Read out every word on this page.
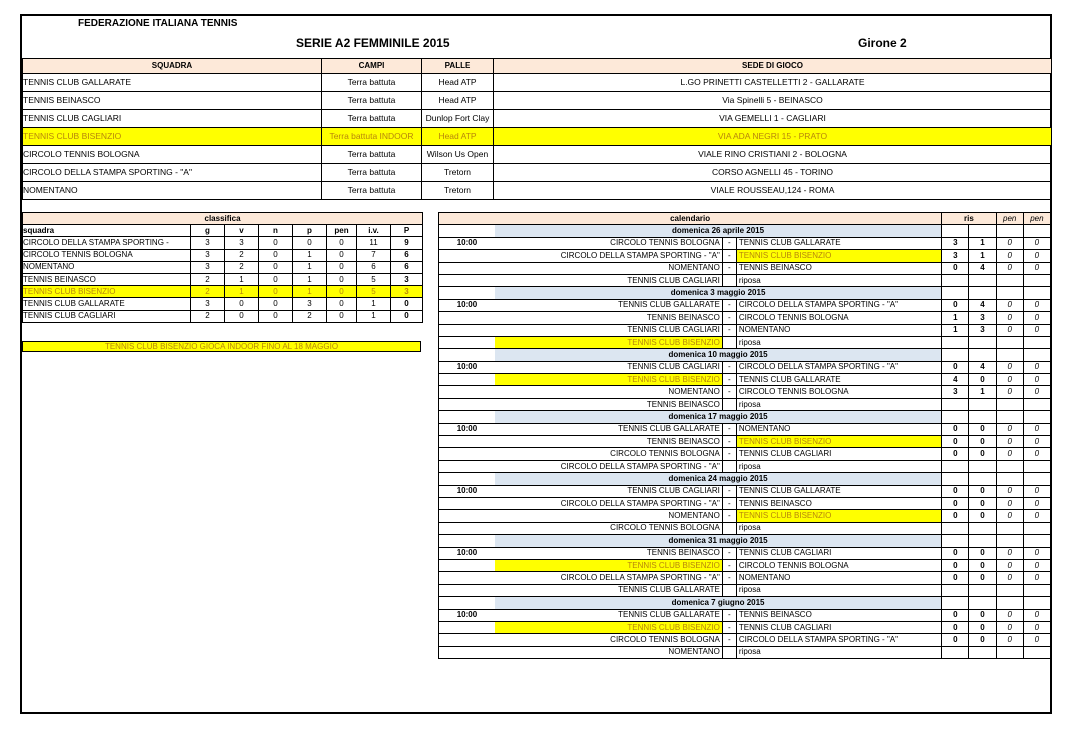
FEDERAZIONE ITALIANA TENNIS
SERIE A2 FEMMINILE 2015	Girone 2
SQUADRA	CAMPI	PALLE	SEDE DI GIOCO
TENNIS CLUB GALLARATE	Terra battuta	Head ATP	L.GO PRINETTI CASTELLETTI 2 - GALLARATE
TENNIS BEINASCO	Terra battuta	Head ATP	Via Spinelli 5 - BEINASCO
TENNIS CLUB CAGLIARI	Terra battuta	Dunlop Fort Clay	VIA GEMELLI 1 - CAGLIARI
TENNIS CLUB BISENZIO	Terra battuta INDOOR	Head ATP	VIA ADA NEGRI 15 - PRATO
CIRCOLO TENNIS BOLOGNA	Terra battuta	Wilson Us Open	VIALE RINO CRISTIANI 2 - BOLOGNA
CIRCOLO DELLA STAMPA SPORTING - "A"	Terra battuta	Tretorn	CORSO AGNELLI 45 - TORINO
NOMENTANO	Terra battuta	Tretorn	VIALE ROUSSEAU,124 - ROMA
classifica							
squadra	g	v	n	p	pen	i.v.	P
CIRCOLO DELLA STAMPA SPORTING -	3	3	0	0	0	11	9
CIRCOLO TENNIS BOLOGNA	3	2	0	1	0	7	6
NOMENTANO	3	2	0	1	0	6	6
TENNIS BEINASCO	2	1	0	1	0	5	3
TENNIS CLUB BISENZIO	2	1	0	1	0	5	3
TENNIS CLUB GALLARATE	3	0	0	3	0	1	0
TENNIS CLUB CAGLIARI	2	0	0	2	0	1	0
TENNIS CLUB BISENZIO GIOCA INDOOR FINO AL 18 MAGGIO
calendario				ris		pen	pen
	domenica 26 aprile 2015						
10:00	CIRCOLO TENNIS BOLOGNA	-	TENNIS CLUB GALLARATE	3	1	0	0
	CIRCOLO DELLA STAMPA SPORTING - "A"	-	TENNIS CLUB BISENZIO	3	1	0	0
	NOMENTANO	-	TENNIS BEINASCO	0	4	0	0
	TENNIS CLUB CAGLIARI		riposa				
	domenica 3 maggio 2015						
10:00	TENNIS CLUB GALLARATE	-	CIRCOLO DELLA STAMPA SPORTING - "A"	0	4	0	0
	TENNIS BEINASCO	-	CIRCOLO TENNIS BOLOGNA	1	3	0	0
	TENNIS CLUB CAGLIARI	-	NOMENTANO	1	3	0	0
	TENNIS CLUB BISENZIO		riposa				
	domenica 10 maggio 2015						
10:00	TENNIS CLUB CAGLIARI	-	CIRCOLO DELLA STAMPA SPORTING - "A"	0	4	0	0
	TENNIS CLUB BISENZIO	-	TENNIS CLUB GALLARATE	4	0	0	0
	NOMENTANO	-	CIRCOLO TENNIS BOLOGNA	3	1	0	0
	TENNIS BEINASCO		riposa				
	domenica 17 maggio 2015						
10:00	TENNIS CLUB GALLARATE	-	NOMENTANO	0	0	0	0
	TENNIS BEINASCO	-	TENNIS CLUB BISENZIO	0	0	0	0
	CIRCOLO TENNIS BOLOGNA	-	TENNIS CLUB CAGLIARI	0	0	0	0
	CIRCOLO DELLA STAMPA SPORTING - "A"		riposa				
	domenica 24 maggio 2015						
10:00	TENNIS CLUB CAGLIARI	-	TENNIS CLUB GALLARATE	0	0	0	0
	CIRCOLO DELLA STAMPA SPORTING - "A"	-	TENNIS BEINASCO	0	0	0	0
	NOMENTANO	-	TENNIS CLUB BISENZIO	0	0	0	0
	CIRCOLO TENNIS BOLOGNA		riposa				
	domenica 31 maggio 2015						
10:00	TENNIS BEINASCO	-	TENNIS CLUB CAGLIARI	0	0	0	0
	TENNIS CLUB BISENZIO	-	CIRCOLO TENNIS BOLOGNA	0	0	0	0
	CIRCOLO DELLA STAMPA SPORTING - "A"	-	NOMENTANO	0	0	0	0
	TENNIS CLUB GALLARATE		riposa				
	domenica 7 giugno 2015						
10:00	TENNIS CLUB GALLARATE	-	TENNIS BEINASCO	0	0	0	0
	TENNIS CLUB BISENZIO	-	TENNIS CLUB CAGLIARI	0	0	0	0
	CIRCOLO TENNIS BOLOGNA	-	CIRCOLO DELLA STAMPA SPORTING - "A"	0	0	0	0
	NOMENTANO		riposa				
